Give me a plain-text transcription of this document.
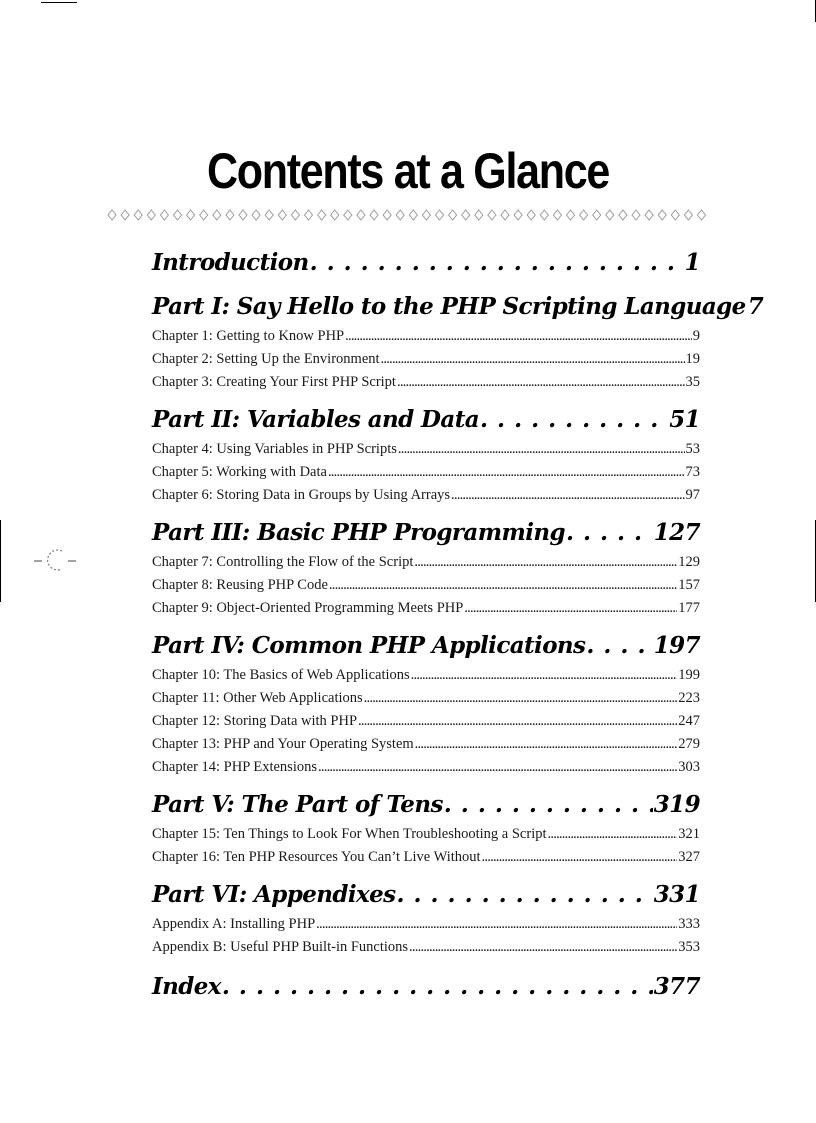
Contents at a Glance
Introduction . . .	1
Part I: Say Hello to the PHP Scripting Language 7
Chapter 1: Getting to Know PHP . . .	9
Chapter 2: Setting Up the Environment . . .	19
Chapter 3: Creating Your First PHP Script . . .	35
Part II: Variables and Data . . .	51
Chapter 4: Using Variables in PHP Scripts . . .	53
Chapter 5: Working with Data . . .	73
Chapter 6: Storing Data in Groups by Using Arrays . . .	97
Part III: Basic PHP Programming . . .	127
Chapter 7: Controlling the Flow of the Script . . .	129
Chapter 8: Reusing PHP Code . . .	157
Chapter 9: Object-Oriented Programming Meets PHP . . .	177
Part IV: Common PHP Applications . . .	197
Chapter 10: The Basics of Web Applications . . .	199
Chapter 11: Other Web Applications . . .	223
Chapter 12: Storing Data with PHP . . .	247
Chapter 13: PHP and Your Operating System . . .	279
Chapter 14: PHP Extensions . . .	303
Part V: The Part of Tens . . .	319
Chapter 15: Ten Things to Look For When Troubleshooting a Script . . .	321
Chapter 16: Ten PHP Resources You Can’t Live Without . . .	327
Part VI: Appendixes . . .	331
Appendix A: Installing PHP . . .	333
Appendix B: Useful PHP Built-in Functions . . .	353
Index . . .	377
